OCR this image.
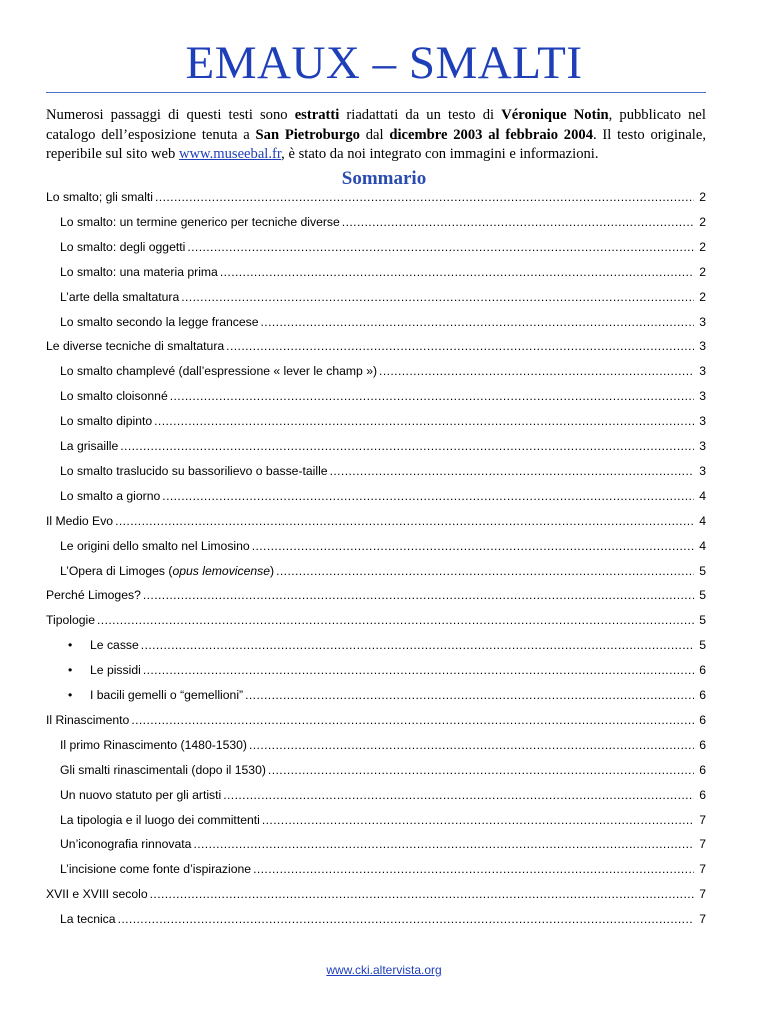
EMAUX – SMALTI
Numerosi passaggi di questi testi sono estratti riadattati da un testo di Véronique Notin, pubblicato nel catalogo dell’esposizione tenuta a San Pietroburgo dal dicembre 2003 al febbraio 2004. Il testo originale, reperibile sul sito web www.museebal.fr, è stato da noi integrato con immagini e informazioni.
Sommario
Lo smalto; gli smalti .....	2
Lo smalto: un termine generico per tecniche diverse .....	2
Lo smalto: degli oggetti .....	2
Lo smalto: una materia prima .....	2
L’arte della smaltatura .....	2
Lo smalto secondo la legge francese .....	3
Le diverse tecniche di smaltatura .....	3
Lo smalto champlevé (dall’espressione « lever le champ ») .....	3
Lo smalto cloisonné .....	3
Lo smalto dipinto .....	3
La grisaille .....	3
Lo smalto traslucido su bassorilievo o basse-taille .....	3
Lo smalto a giorno .....	4
Il Medio Evo .....	4
Le origini dello smalto nel Limosino .....	4
L’Opera di Limoges (opus lemovicense) .....	5
Perché Limoges? .....	5
Tipologie .....	5
• Le casse .....	5
• Le pissidi .....	6
• I bacili gemelli o “gemellioni” .....	6
Il Rinascimento .....	6
Il primo Rinascimento (1480-1530) .....	6
Gli smalti rinascimentali (dopo il 1530) .....	6
Un nuovo statuto per gli artisti .....	6
La tipologia e il luogo dei committenti .....	7
Un’iconografia rinnovata .....	7
L’incisione come fonte d’ispirazione .....	7
XVII e XVIII secolo .....	7
La tecnica .....	7
www.cki.altervista.org
